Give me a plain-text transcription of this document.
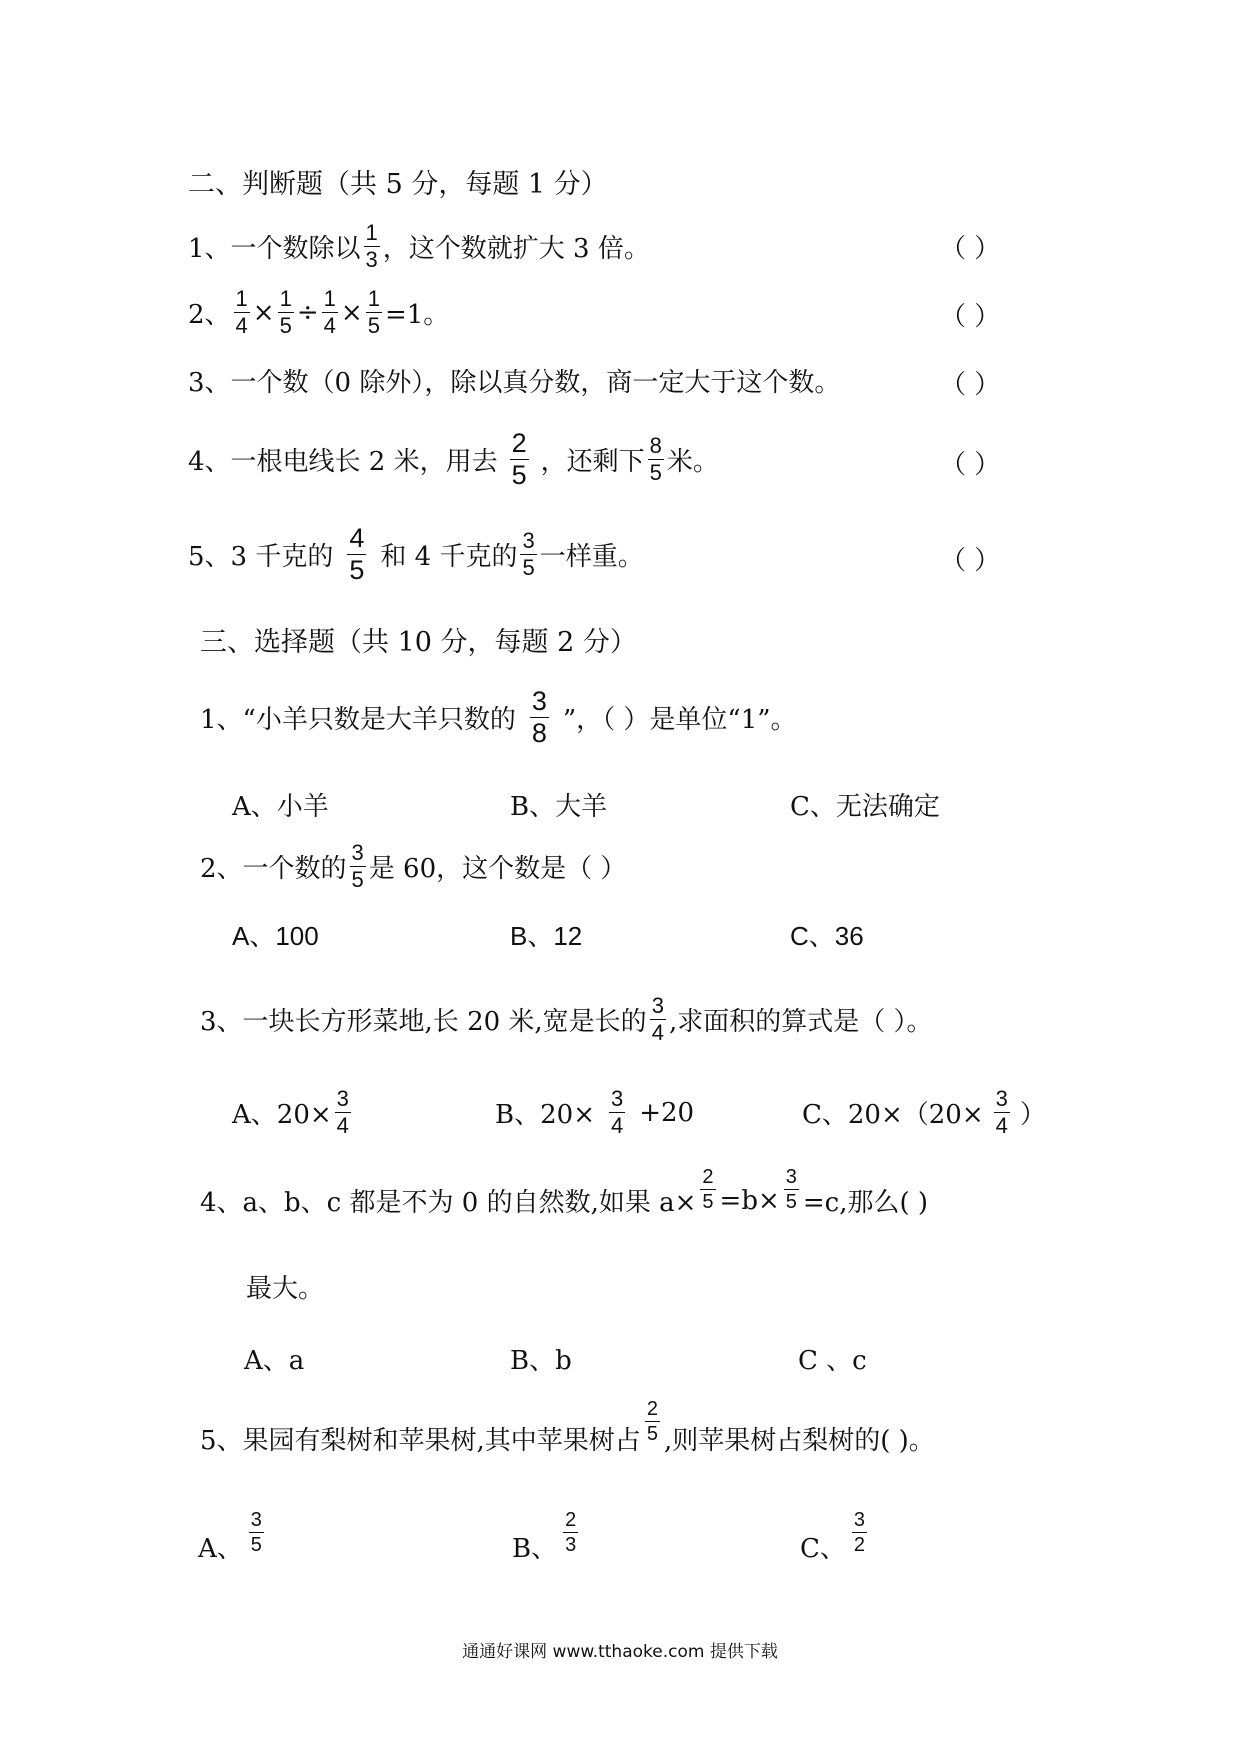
二、判断题（共 5 分，每题 1 分）
1、一个数除以 $\frac{1}{3}$ ，这个数就扩大 3 倍。	（ ）
2、 $\frac{1}{4} \times \frac{1}{5} \div \frac{1}{4} \times \frac{1}{5} =1$。	（ ）
3、一个数（0 除外），除以真分数，商一定大于这个数。	（ ）
4、一根电线长 2 米，用去 $\frac{2}{5}$ ，还剩下 $\frac{8}{5}$ 米。	（ ）
5、3 千克的 $\frac{4}{5}$ 和 4 千克的 $\frac{3}{5}$ 一样重。	（ ）
三、选择题（共 10 分，每题 2 分）
1、“小羊只数是大羊只数的 $\frac{3}{8}$ ”，（ ）是单位“1”。
A、小羊	B、大羊	C、无法确定
2、一个数的 $\frac{3}{5}$ 是 60，这个数是（ ）
A、100	B、12	C、36
3、一块长方形菜地,长 20 米,宽是长的 $\frac{3}{4}$ ,求面积的算式是（ ）。
A、$20\times \frac{3}{4}$	B、$20\times \frac{3}{4} +20$	C、$20\times(20\times \frac{3}{4}$ ）
4、a、b、c 都是不为 0 的自然数,如果 $a\times \frac{2}{5} =b\times \frac{3}{5} =c$,那么( )
最大。
A、a	B、b	C 、c
5、果园有梨树和苹果树,其中苹果树占 $\frac{2}{5}$ ,则苹果树占梨树的( )。
A、 $\frac{3}{5}$	B、 $\frac{2}{3}$	C、 $\frac{3}{2}$
通通好课网 www.tthaoke.com 提供下载
